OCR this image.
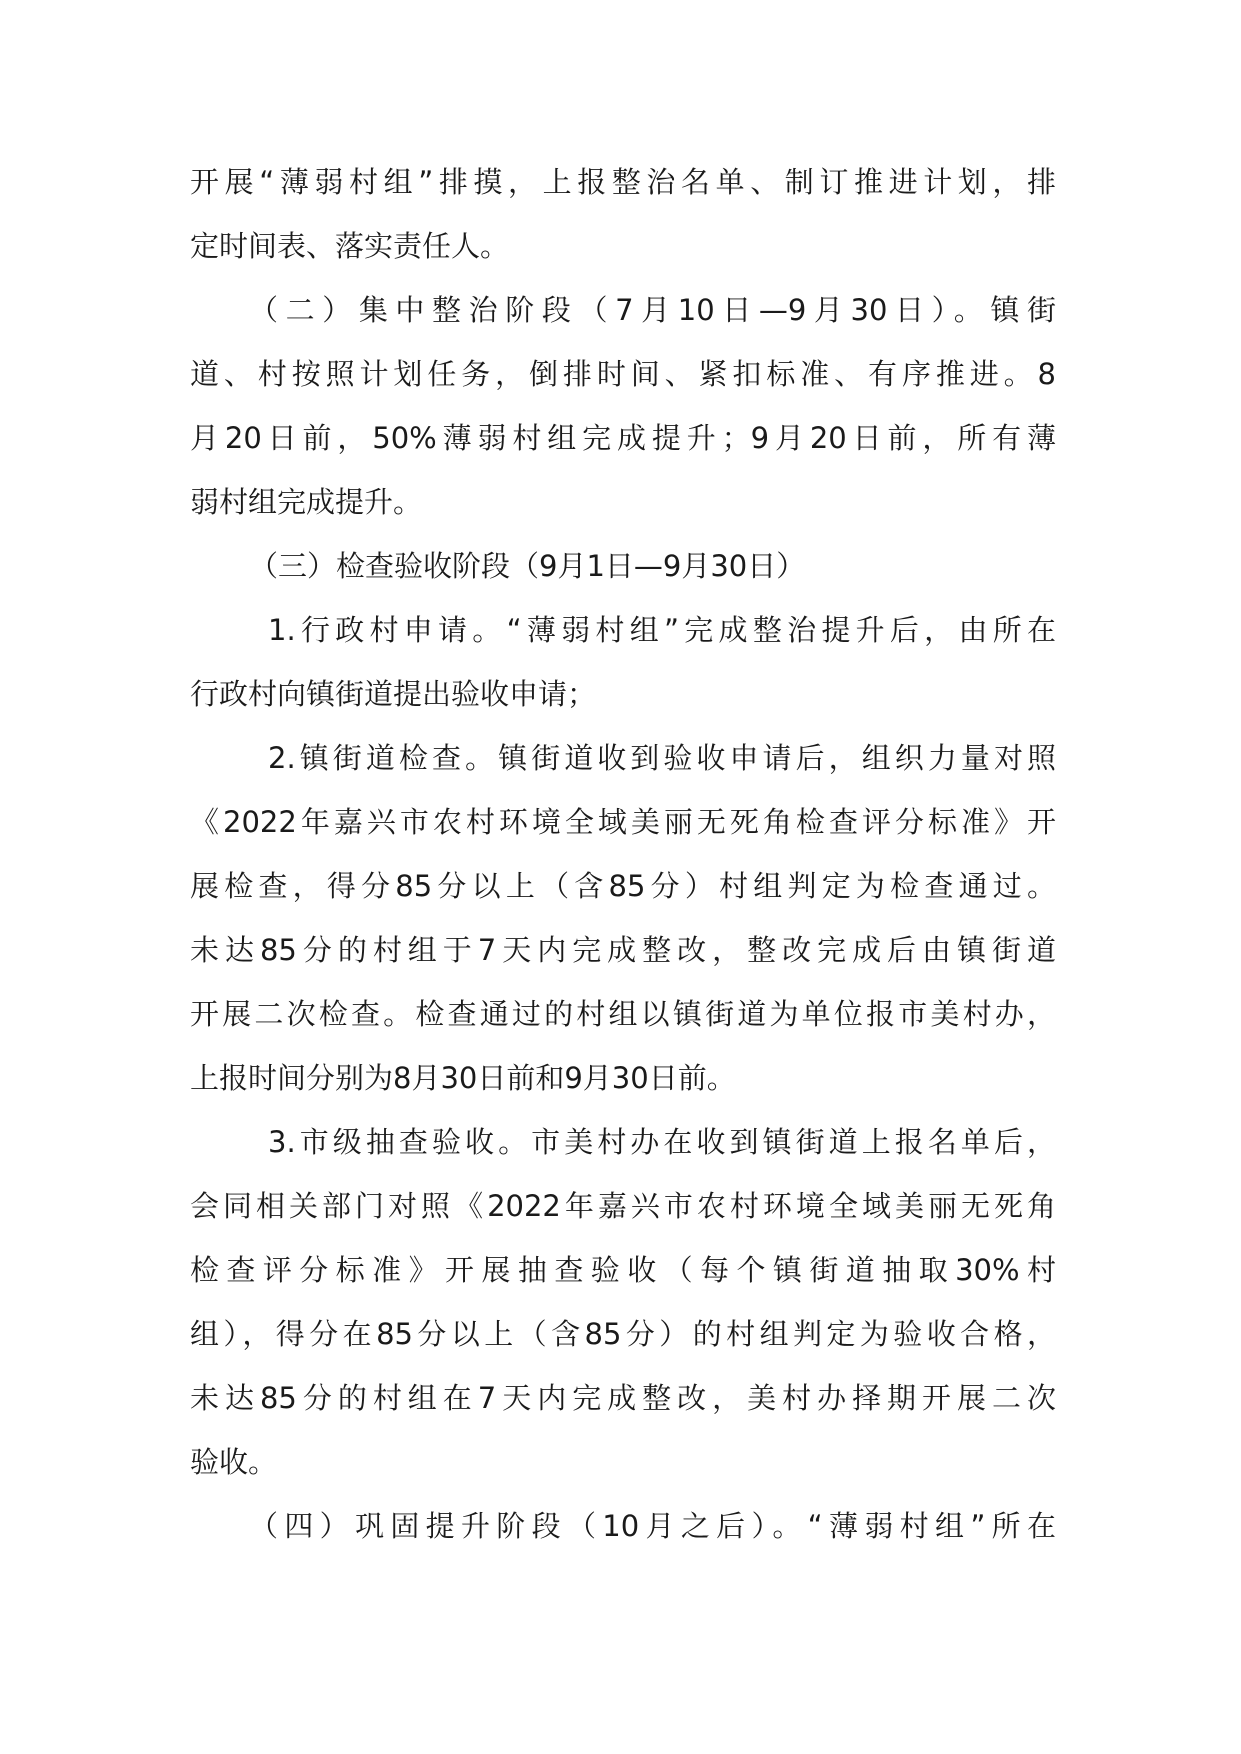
开展“薄弱村组”排摸，上报整治名单、制订推进计划，排
定时间表、落实责任人。
（二）集中整治阶段（7月10日—9月30日）。镇街
道、村按照计划任务，倒排时间、紧扣标准、有序推进。8
月20日前，50%薄弱村组完成提升；9月20日前，所有薄
弱村组完成提升。
（三）检查验收阶段（9月1日—9月30日）
1.行政村申请。“薄弱村组”完成整治提升后，由所在
行政村向镇街道提出验收申请；
2.镇街道检查。镇街道收到验收申请后，组织力量对照
《2022年嘉兴市农村环境全域美丽无死角检查评分标准》开
展检查，得分85分以上（含85分）村组判定为检查通过。
未达85分的村组于7天内完成整改，整改完成后由镇街道
开展二次检查。检查通过的村组以镇街道为单位报市美村办，
上报时间分别为8月30日前和9月30日前。
3.市级抽查验收。市美村办在收到镇街道上报名单后，
会同相关部门对照《2022年嘉兴市农村环境全域美丽无死角
检查评分标准》开展抽查验收（每个镇街道抽取30%村
组），得分在85分以上（含85分）的村组判定为验收合格，
未达85分的村组在7天内完成整改，美村办择期开展二次
验收。
（四）巩固提升阶段（10月之后）。“薄弱村组”所在
